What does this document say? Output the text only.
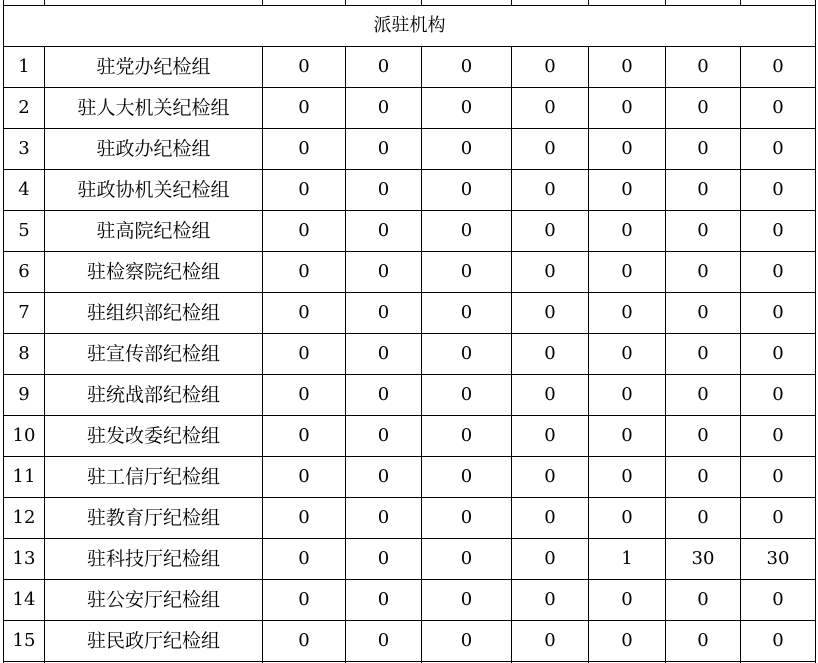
派驻机构								
1	驻党办纪检组	0	0	0	0	0	0	0
2	驻人大机关纪检组	0	0	0	0	0	0	0
3	驻政办纪检组	0	0	0	0	0	0	0
4	驻政协机关纪检组	0	0	0	0	0	0	0
5	驻高院纪检组	0	0	0	0	0	0	0
6	驻检察院纪检组	0	0	0	0	0	0	0
7	驻组织部纪检组	0	0	0	0	0	0	0
8	驻宣传部纪检组	0	0	0	0	0	0	0
9	驻统战部纪检组	0	0	0	0	0	0	0
10	驻发改委纪检组	0	0	0	0	0	0	0
11	驻工信厅纪检组	0	0	0	0	0	0	0
12	驻教育厅纪检组	0	0	0	0	0	0	0
13	驻科技厅纪检组	0	0	0	0	1	30	30
14	驻公安厅纪检组	0	0	0	0	0	0	0
15	驻民政厅纪检组	0	0	0	0	0	0	0
